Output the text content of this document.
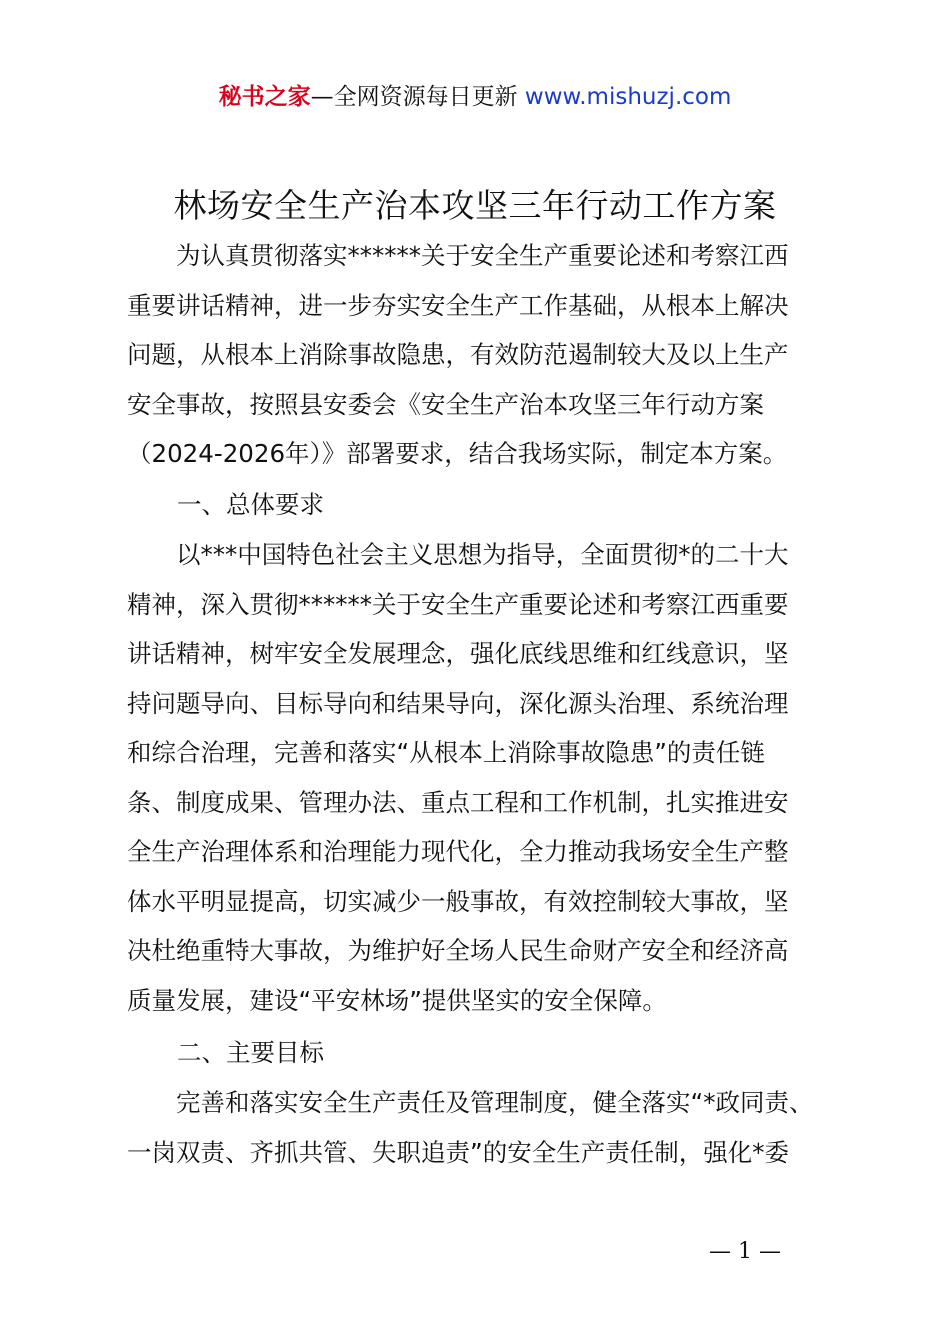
秘书之家—全网资源每日更新 www.mishuzj.com
林场安全生产治本攻坚三年行动工作方案
　　为认真贯彻落实******关于安全生产重要论述和考察江西
重要讲话精神，进一步夯实安全生产工作基础，从根本上解决
问题，从根本上消除事故隐患，有效防范遏制较大及以上生产
安全事故，按照县安委会《安全生产治本攻坚三年行动方案
（2024-2026年）》部署要求，结合我场实际，制定本方案。
一、总体要求
　　以***中国特色社会主义思想为指导，全面贯彻*的二十大
精神，深入贯彻******关于安全生产重要论述和考察江西重要
讲话精神，树牢安全发展理念，强化底线思维和红线意识，坚
持问题导向、目标导向和结果导向，深化源头治理、系统治理
和综合治理，完善和落实“从根本上消除事故隐患”的责任链
条、制度成果、管理办法、重点工程和工作机制，扎实推进安
全生产治理体系和治理能力现代化，全力推动我场安全生产整
体水平明显提高，切实减少一般事故，有效控制较大事故，坚
决杜绝重特大事故，为维护好全场人民生命财产安全和经济高
质量发展，建设“平安林场”提供坚实的安全保障。
二、主要目标
　　完善和落实安全生产责任及管理制度，健全落实“*政同责、
一岗双责、齐抓共管、失职追责”的安全生产责任制，强化*委
— 1 —
